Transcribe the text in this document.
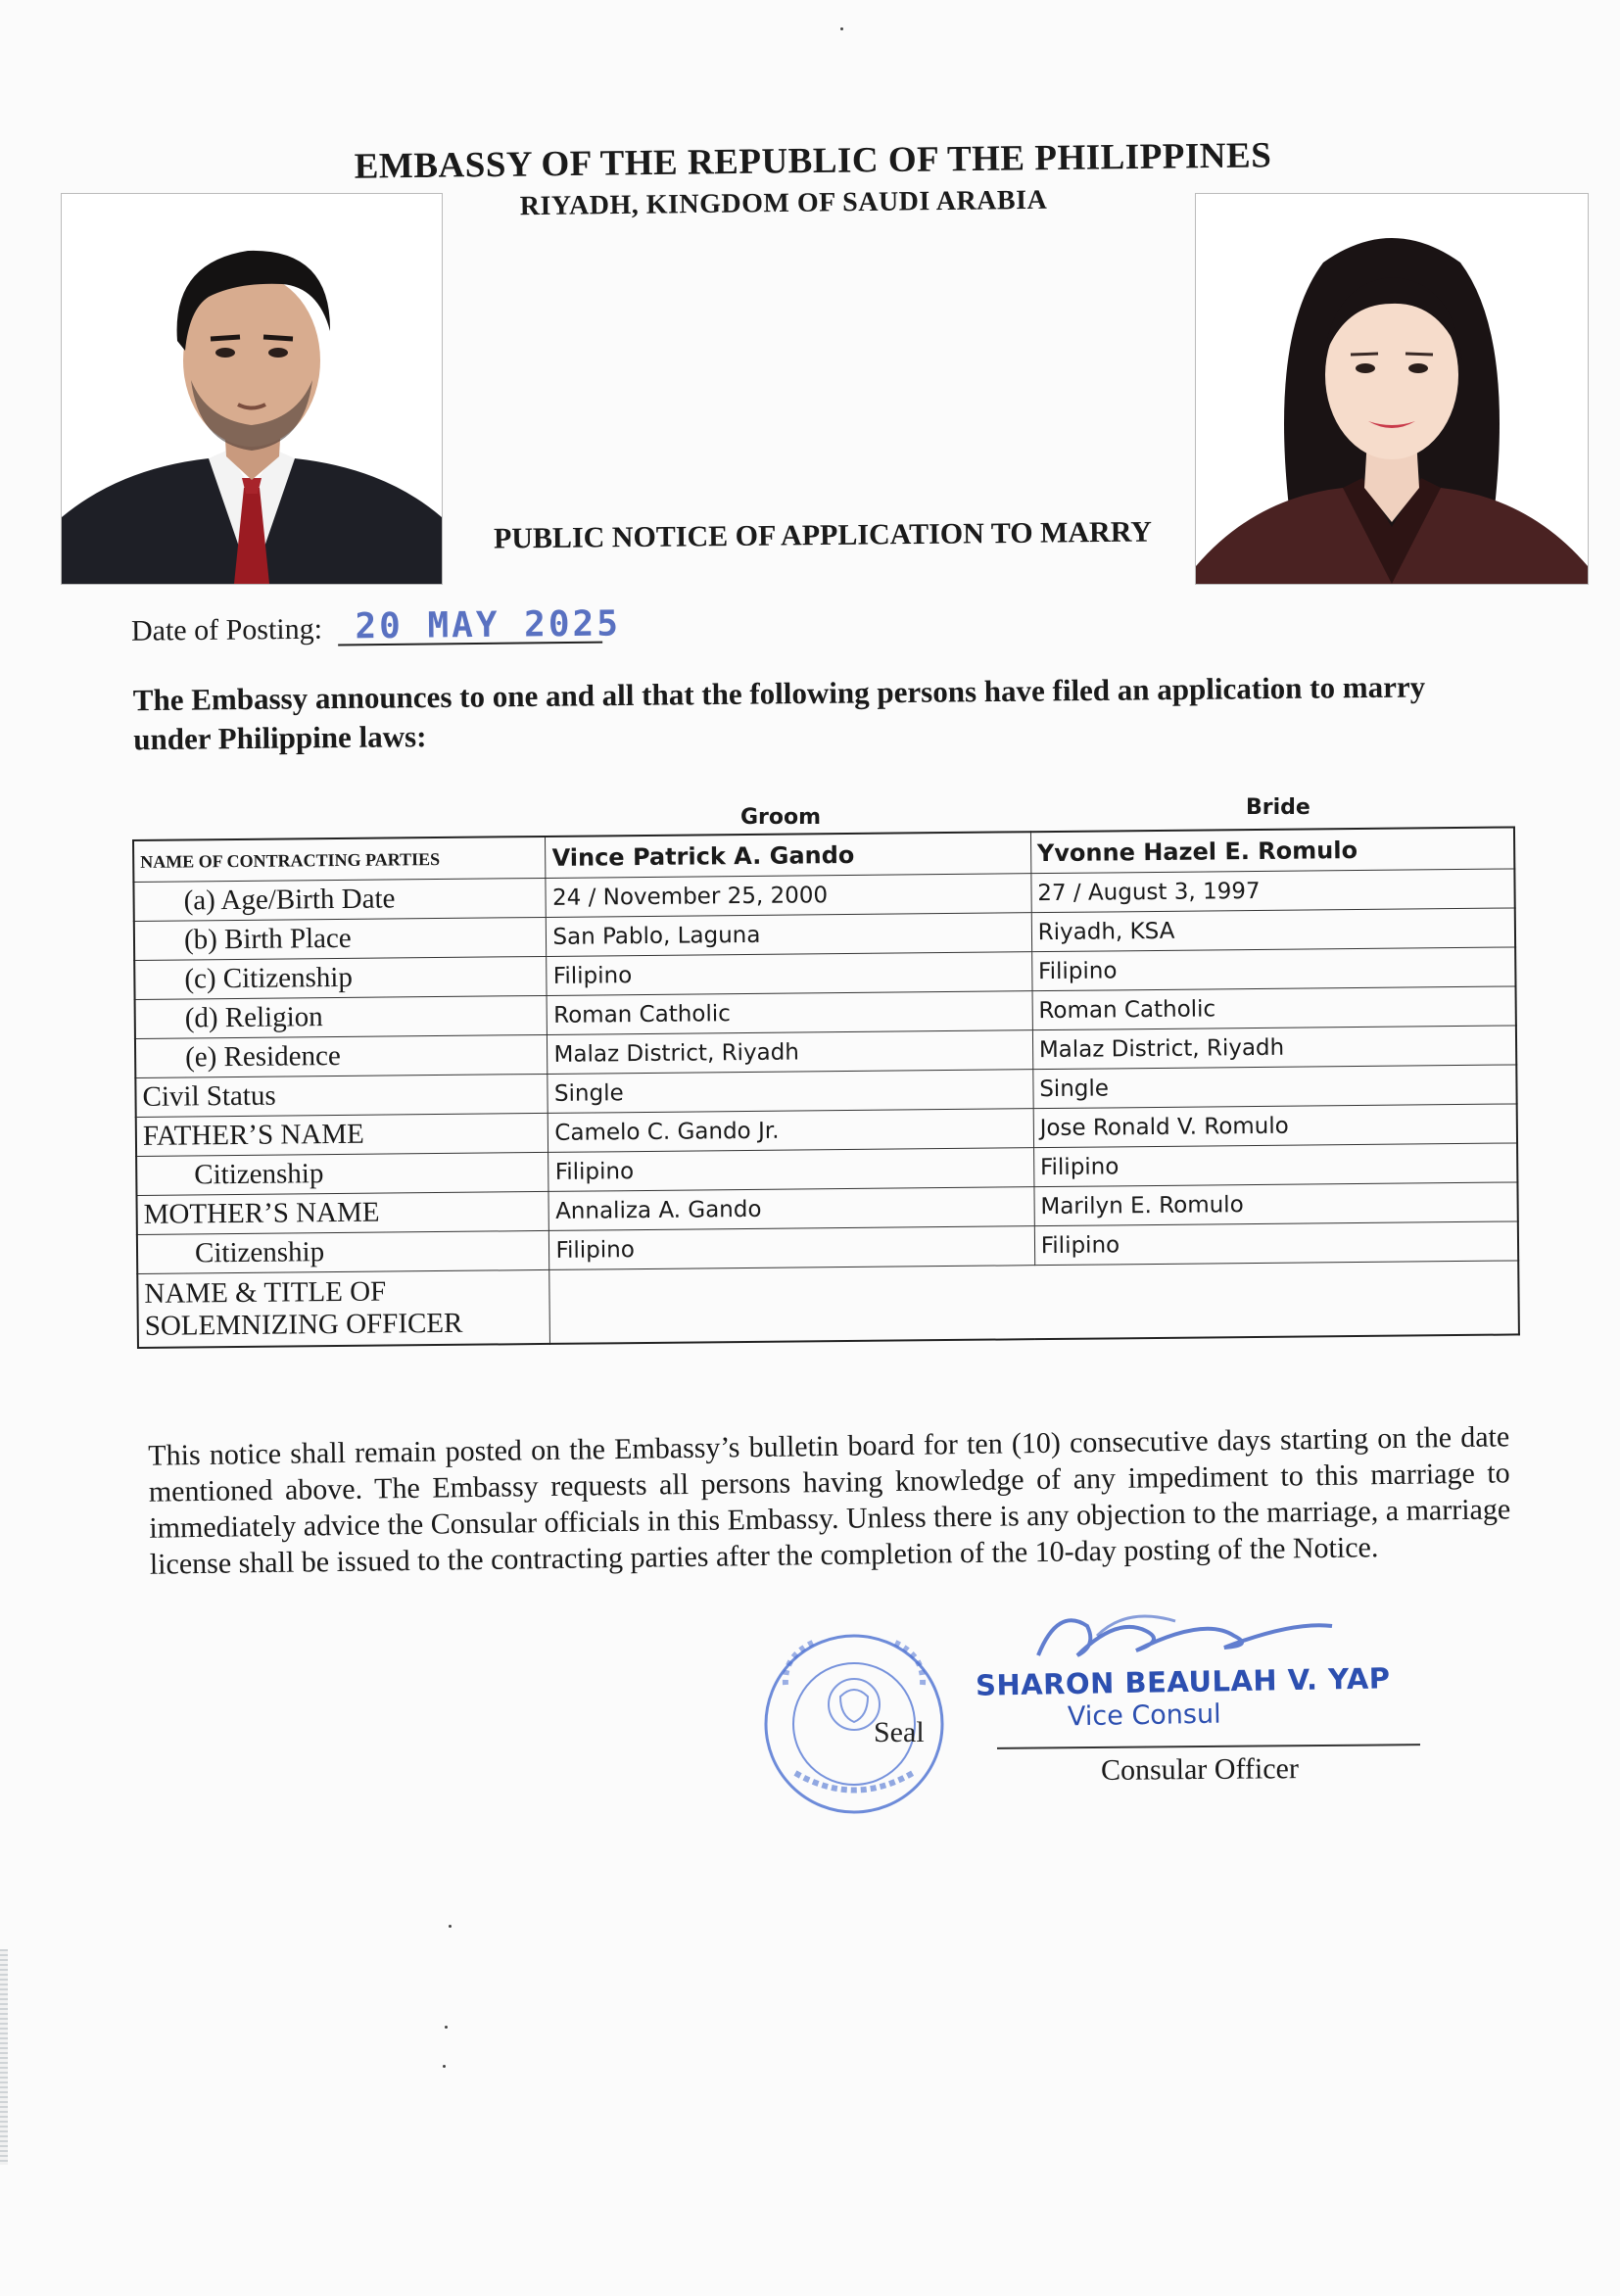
EMBASSY OF THE REPUBLIC OF THE PHILIPPINES
RIYADH, KINGDOM OF SAUDI ARABIA
PUBLIC NOTICE OF APPLICATION TO MARRY
Date of Posting: 20 MAY 2025
The Embassy announces to one and all that the following persons have filed an application to marry under Philippine laws:
Groom	Bride
NAME OF CONTRACTING PARTIES	Vince Patrick A. Gando	Yvonne Hazel E. Romulo
(a) Age/Birth Date	24 / November 25, 2000	27 / August 3, 1997
(b) Birth Place	San Pablo, Laguna	Riyadh, KSA
(c) Citizenship	Filipino	Filipino
(d) Religion	Roman Catholic	Roman Catholic
(e) Residence	Malaz District, Riyadh	Malaz District, Riyadh
Civil Status	Single	Single
FATHER’S NAME	Camelo C. Gando Jr.	Jose Ronald V. Romulo
Citizenship	Filipino	Filipino
MOTHER’S NAME	Annaliza A. Gando	Marilyn E. Romulo
Citizenship	Filipino	Filipino
NAME & TITLE OF SOLEMNIZING OFFICER		
This notice shall remain posted on the Embassy’s bulletin board for ten (10) consecutive days starting on the date mentioned above. The Embassy requests all persons having knowledge of any impediment to this marriage to immediately advice the Consular officials in this Embassy. Unless there is any objection to the marriage, a marriage license shall be issued to the contracting parties after the completion of the 10-day posting of the Notice.
Seal
SHARON BEAULAH V. YAP
Vice Consul
Consular Officer
